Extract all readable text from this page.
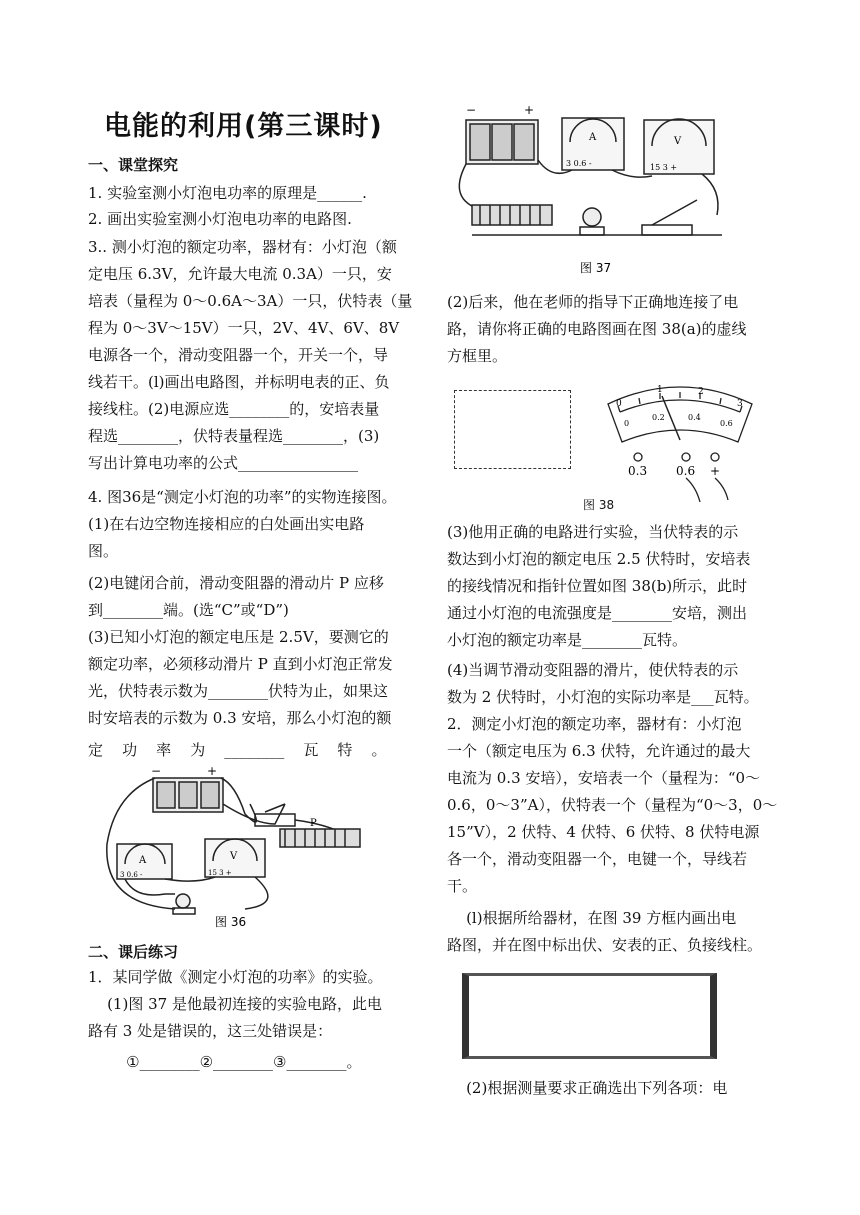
电能的利用(第三课时)
一、课堂探究
1. 实验室测小灯泡电功率的原理是______.
2. 画出实验室测小灯泡电功率的电路图.
3.. 测小灯泡的额定功率，器材有：小灯泡（额
定电压 6.3V，允许最大电流 0.3A）一只，安
培表（量程为 0～0.6A～3A）一只，伏特表（量
程为 0～3V～15V）一只，2V、4V、6V、8V
电源各一个，滑动变阻器一个，开关一个，导
线若干。(l)画出电路图，并标明电表的正、负
接线柱。(2)电源应选________的，安培表量
程选________，伏特表量程选________，(3)
写出计算电功率的公式________________
4. 图36是“测定小灯泡的功率”的实物连接图。
(1)在右边空物连接相应的白处画出实电路
图。
(2)电键闭合前，滑动变阻器的滑动片 P 应移
到________端。(选“C”或“D”)
(3)已知小灯泡的额定电压是 2.5V，要测它的
额定功率，必须移动滑片 P 直到小灯泡正常发
光，伏特表示数为________伏特为止，如果这
时安培表的示数为 0.3 安培，那么小灯泡的额
定    功    率    为    ________    瓦    特    。
−	+
A	V
3 0.6 -	15 3 +
P
图 36
二、课后练习
1．某同学做《测定小灯泡的功率》的实验。
(1)图 37 是他最初连接的实验电路，此电
路有 3 处是错误的，这三处错误是：
①________②________③________。
−	+
A	V
3 0.6 -	15 3 +
图 37
(2)后来，他在老师的指导下正确地连接了电
路，请你将正确的电路图画在图 38(a)的虚线
方框里。
0
1	2
3
0
0.2	0.4
0.6
0.3 0.6 +
图 38
(3)他用正确的电路进行实验，当伏特表的示
数达到小灯泡的额定电压 2.5 伏特时，安培表
的接线情况和指针位置如图 38(b)所示，此时
通过小灯泡的电流强度是________安培，测出
小灯泡的额定功率是________瓦特。
(4)当调节滑动变阻器的滑片，使伏特表的示
数为 2 伏特时，小灯泡的实际功率是___瓦特。
2．测定小灯泡的额定功率，器材有：小灯泡
一个（额定电压为 6.3 伏特，允许通过的最大
电流为 0.3 安培），安培表一个（量程为：“0～
0.6，0～3”A），伏特表一个（量程为“0～3，0～
15”V），2 伏特、4 伏特、6 伏特、8 伏特电源
各一个，滑动变阻器一个，电键一个，导线若
干。
(l)根据所给器材，在图 39 方框内画出电
路图，并在图中标出伏、安表的正、负接线柱。
(2)根据测量要求正确选出下列各项：电
